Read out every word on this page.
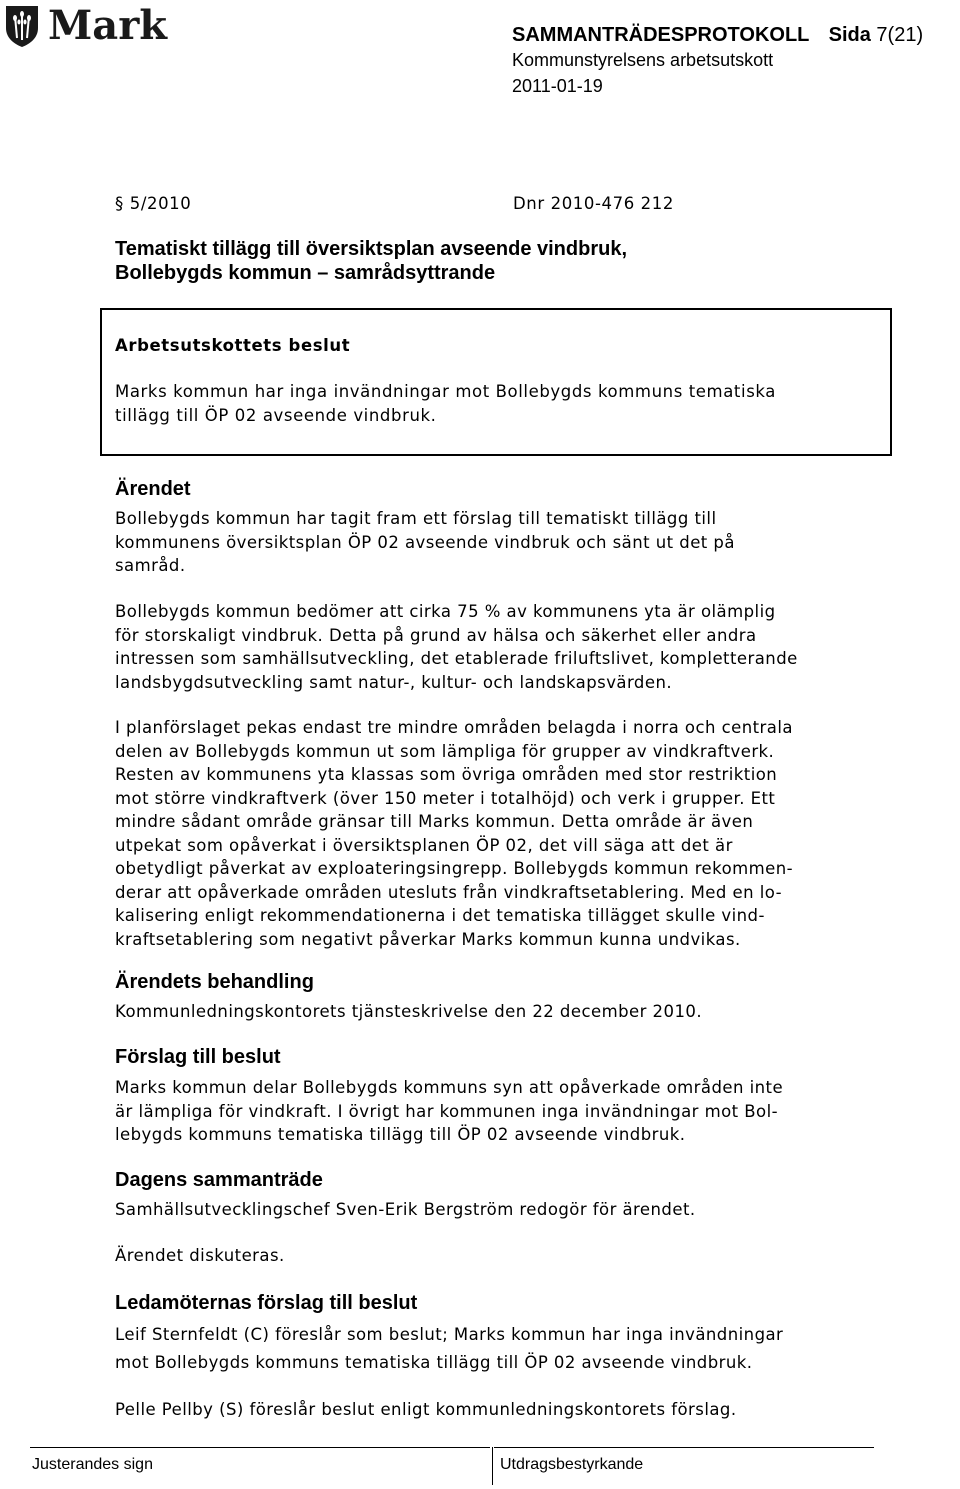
Mark	SAMMANTRÄDESPROTOKOLL Sida 7(21)
Kommunstyrelsens arbetsutskott
2011-01-19
§ 5/2010	Dnr 2010-476 212
Tematiskt tillägg till översiktsplan avseende vindbruk,
Bollebygds kommun – samrådsyttrande
Arbetsutskottets beslut
Marks kommun har inga invändningar mot Bollebygds kommuns tematiska
tillägg till ÖP 02 avseende vindbruk.
Ärendet
Bollebygds kommun har tagit fram ett förslag till tematiskt tillägg till
kommunens översiktsplan ÖP 02 avseende vindbruk och sänt ut det på
samråd.
Bollebygds kommun bedömer att cirka 75 % av kommunens yta är olämplig
för storskaligt vindbruk. Detta på grund av hälsa och säkerhet eller andra
intressen som samhällsutveckling, det etablerade friluftslivet, kompletterande
landsbygdsutveckling samt natur-, kultur- och landskapsvärden.
I planförslaget pekas endast tre mindre områden belagda i norra och centrala
delen av Bollebygds kommun ut som lämpliga för grupper av vindkraftverk.
Resten av kommunens yta klassas som övriga områden med stor restriktion
mot större vindkraftverk (över 150 meter i totalhöjd) och verk i grupper. Ett
mindre sådant område gränsar till Marks kommun. Detta område är även
utpekat som opåverkat i översiktsplanen ÖP 02, det vill säga att det är
obetydligt påverkat av exploateringsingrepp. Bollebygds kommun rekommen-
derar att opåverkade områden utesluts från vindkraftsetablering. Med en lo-
kalisering enligt rekommendationerna i det tematiska tillägget skulle vind-
kraftsetablering som negativt påverkar Marks kommun kunna undvikas.
Ärendets behandling
Kommunledningskontorets tjänsteskrivelse den 22 december 2010.
Förslag till beslut
Marks kommun delar Bollebygds kommuns syn att opåverkade områden inte
är lämpliga för vindkraft. I övrigt har kommunen inga invändningar mot Bol-
lebygds kommuns tematiska tillägg till ÖP 02 avseende vindbruk.
Dagens sammanträde
Samhällsutvecklingschef Sven-Erik Bergström redogör för ärendet.
Ärendet diskuteras.
Ledamöternas förslag till beslut
Leif Sternfeldt (C) föreslår som beslut; Marks kommun har inga invändningar
mot Bollebygds kommuns tematiska tillägg till ÖP 02 avseende vindbruk.
Pelle Pellby (S) föreslår beslut enligt kommunledningskontorets förslag.
Justerandes sign	Utdragsbestyrkande
